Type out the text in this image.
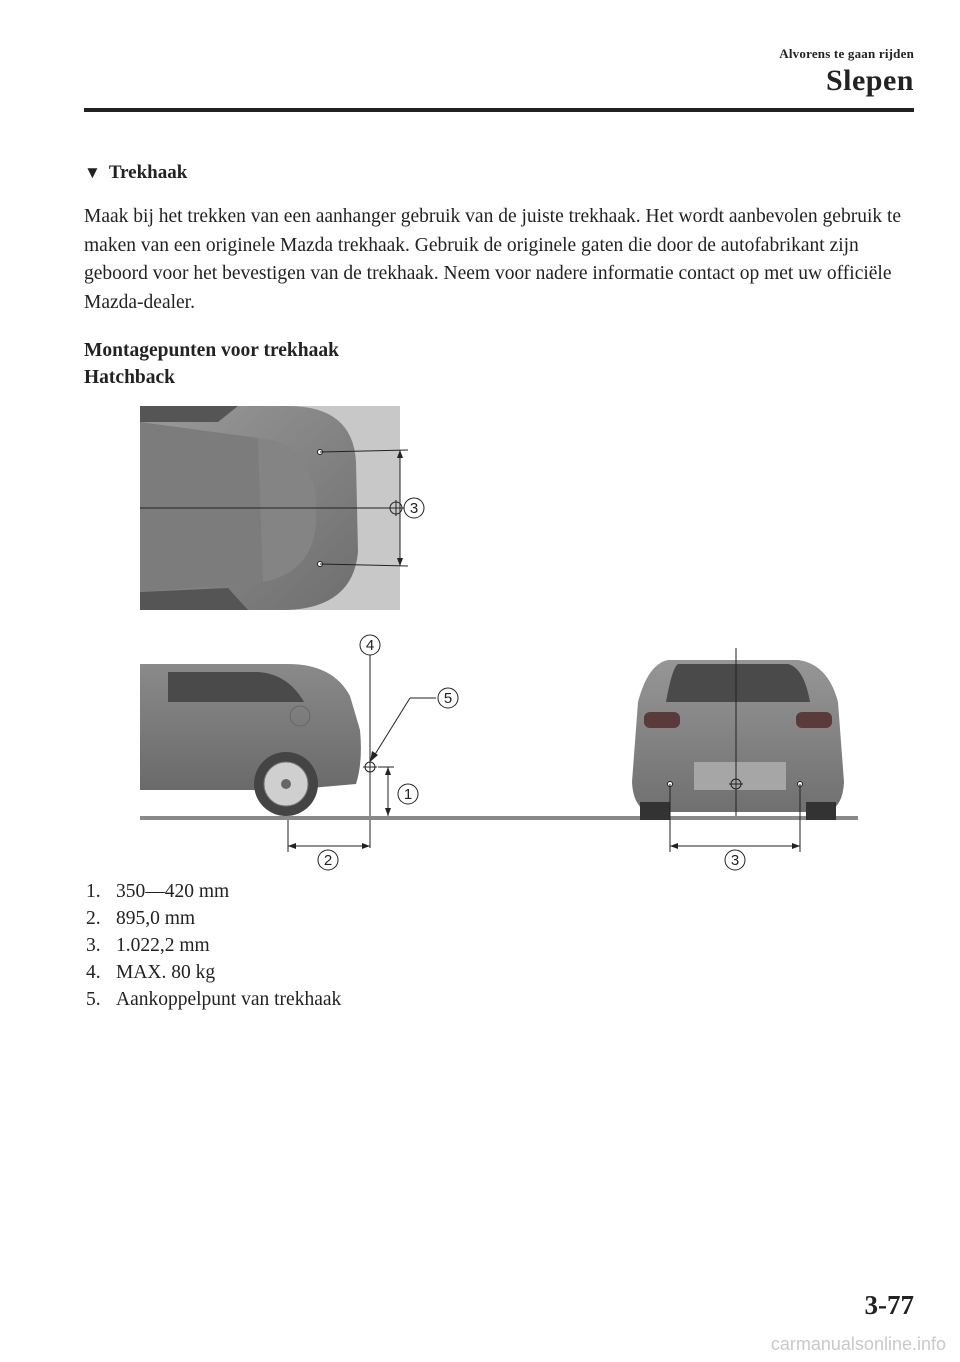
Alvorens te gaan rijden
Slepen
▼ Trekhaak

Maak bij het trekken van een aanhanger gebruik van de juiste trekhaak. Het wordt aanbevolen gebruik te maken van een originele Mazda trekhaak. Gebruik de originele gaten die door de autofabrikant zijn geboord voor het bevestigen van de trekhaak. Neem voor nadere informatie contact op met uw officiële Mazda-dealer.

Montagepunten voor trekhaak
Hatchback
3
4
5
1
2	3
1. 350―420 mm
2. 895,0 mm
3. 1.022,2 mm
4. MAX. 80 kg
5. Aankoppelpunt van trekhaak
3-77
carmanualsonline.info
